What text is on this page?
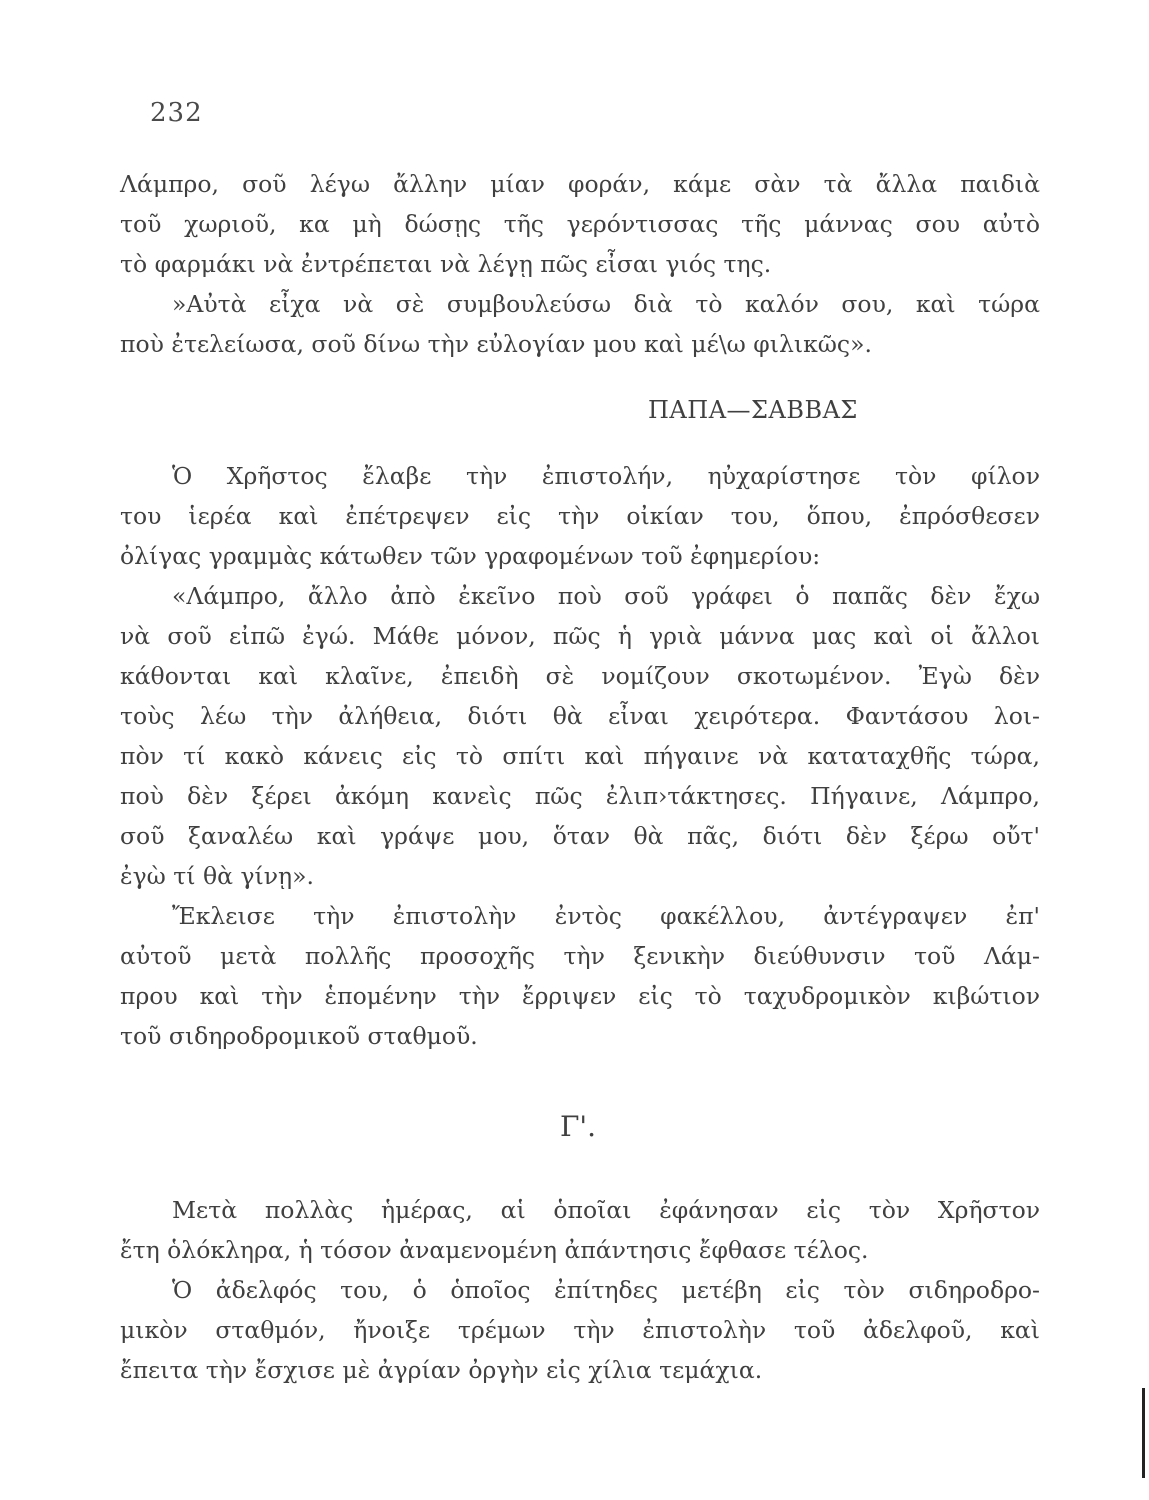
232
Λάμπρο, σοῦ λέγω ἄλλην μίαν φοράν, κάμε σὰν τὰ ἄλλα παιδιὰ
τοῦ χωριοῦ, κα μὴ δώσῃς τῆς γερόντισσας τῆς μάννας σου αὐτὸ
τὸ φαρμάκι νὰ ἐντρέπεται νὰ λέγῃ πῶς εἶσαι γιός της.
»Αὐτὰ εἶχα νὰ σὲ συμβουλεύσω διὰ τὸ καλόν σου, καὶ τώρα
ποὺ ἐτελείωσα, σοῦ δίνω τὴν εὐλογίαν μου καὶ μέ\ω φιλικῶς».
ΠΑΠΑ—ΣΑΒΒΑΣ
Ὁ Χρῆστος ἔλαβε τὴν ἐπιστολήν, ηὐχαρίστησε τὸν φίλον
του ἱερέα καὶ ἐπέτρεψεν εἰς τὴν οἰκίαν του, ὅπου, ἐπρόσθεσεν
ὀλίγας γραμμὰς κάτωθεν τῶν γραφομένων τοῦ ἐφημερίου:
«Λάμπρο, ἄλλο ἀπὸ ἐκεῖνο ποὺ σοῦ γράφει ὁ παπᾶς δὲν ἔχω
νὰ σοῦ εἰπῶ ἐγώ. Μάθε μόνον, πῶς ἡ γριὰ μάννα μας καὶ οἱ ἄλλοι
κάθονται καὶ κλαῖνε, ἐπειδὴ σὲ νομίζουν σκοτωμένον. Ἐγὼ δὲν
τοὺς λέω τὴν ἀλήθεια, διότι θὰ εἶναι χειρότερα. Φαντάσου λοι-
πὸν τί κακὸ κάνεις εἰς τὸ σπίτι καὶ πήγαινε νὰ καταταχθῆς τώρα,
ποὺ δὲν ξέρει ἀκόμη κανεὶς πῶς ἐλιπ›τάκτησες. Πήγαινε, Λάμπρο,
σοῦ ξαναλέω καὶ γράψε μου, ὅταν θὰ πᾶς, διότι δὲν ξέρω οὔτ'
ἐγὼ τί θὰ γίνῃ».
Ἔκλεισε τὴν ἐπιστολὴν ἐντὸς φακέλλου, ἀντέγραψεν ἐπ'
αὐτοῦ μετὰ πολλῆς προσοχῆς τὴν ξενικὴν διεύθυνσιν τοῦ Λάμ-
πρου καὶ τὴν ἑπομένην τὴν ἔρριψεν εἰς τὸ ταχυδρομικὸν κιβώτιον
τοῦ σιδηροδρομικοῦ σταθμοῦ.
Γ'.
Μετὰ πολλὰς ἡμέρας, αἱ ὁποῖαι ἐφάνησαν εἰς τὸν Χρῆστον
ἔτη ὁλόκληρα, ἡ τόσον ἀναμενομένη ἀπάντησις ἔφθασε τέλος.
Ὁ ἀδελφός του, ὁ ὁποῖος ἐπίτηδες μετέβη εἰς τὸν σιδηροδρο-
μικὸν σταθμόν, ἤνοιξε τρέμων τὴν ἐπιστολὴν τοῦ ἀδελφοῦ, καὶ
ἔπειτα τὴν ἔσχισε μὲ ἀγρίαν ὀργὴν εἰς χίλια τεμάχια.
